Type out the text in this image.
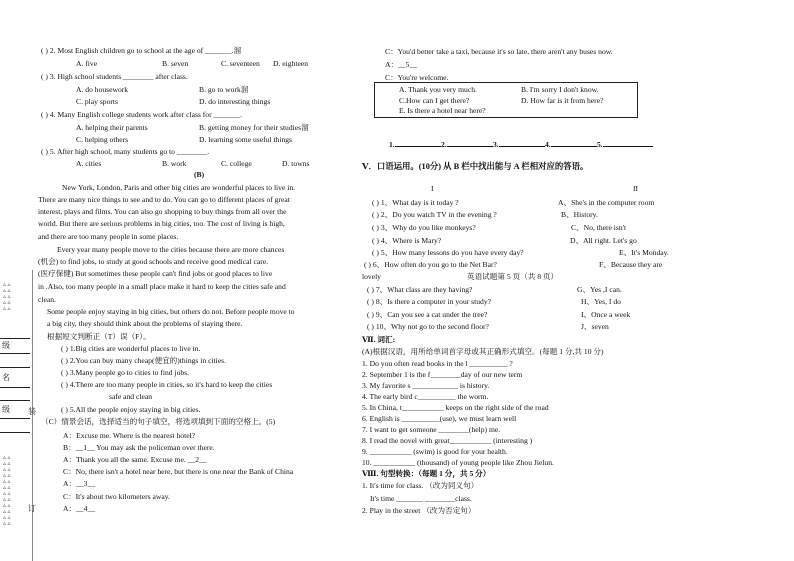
▵ ▵
▵ ▵
▵ ▵
▵ ▵
▵ ▵
级
名
级 装
▵ ▵
▵ ▵
▵ ▵
▵ ▵
▵ ▵
▵ ▵
▵ ▵
▵ ▵
▵ ▵
▵ ▵
▵ ▵
▵ ▵
订
( ) 2. Most English children go to school at the age of _______.溜
A. five	B. seven	C. seventeen D. eighteen
( ) 3. High school students ________ after class.
A. do housework	B. go to work溜
C. play sports	D. do interesting things
( ) 4. Many English college students work after class for _______.
A. helping their parents	B. getting money for their studies溜
C. helping others	D. learning some useful things
( ) 5. After high school, many students go to ________.
A. cities	B. work	C. college	D. towns
(B)
New York, London, Paris and other big cities are wonderful places to live in.
There are many nice things to see and to do. You can go to different places of great
interest, plays and films. You can also go shopping to buy things from all over the
world. But there are serious problems in big cities, too. The cost of living is high,
and there are too many people in some places.
Every year many people move to the cities because there are more chances
(机会) to find jobs, to study at good schools and receive good medical care.
(医疗保健) But sometimes these people can't find jobs or good places to live
in .Also, too many people in a small place make it hard to keep the cities safe and
clean.
Some people enjoy staying in big cities, but others do not. Before people move to
a big city, they should think about the problems of staying there.
根据短文判断正（T）误（F）。
( ) 1.Big cities are wonderful places to live in.
( ) 2.You can buy many cheap(便宜的)things in cities.
( ) 3.Many people go to cities to find jobs.
( ) 4.There are too many people in cities, so it's hard to keep the cities
safe and clean
( ) 5.All the people enjoy staying in big cities.
（C）情景会话，选择适当的句子填空，将选项填到下面的空格上。(5)
A：Excuse me. Where is the nearest hotel?
B：__1__ You may ask the policeman over there.
A：Thank you all the same. Excuse me. __2__
C：No, there isn't a hotel near here, but there is one near the Bank of China
A：__3__
C：It's about two kilometers away.
A：__4__
C：You'd better take a taxi, because it's so late, there aren't any buses now.
A：__5__
C：You're welcome.
A. Thank you very much.	B. I'm sorry I don't know.
C.How can I get there?	D. How far is it from here?
E. Is there a hotel near here?
1.	2.	3.	4.	5.
Ⅴ．口语运用。(10分) 从 B 栏中找出能与 A 栏相对应的答语。
I	II
( ) 1、What day is it today ?	A、She's in the computer room
( ) 2、Do you watch TV in the evening ?	B、History.
( ) 3、Why do you like monkeys?	C、No, there isn't
( ) 4、Where is Mary?	D、All right. Let's go
( ) 5、How many lessons do you have every day?	E、It's Monday.
( ) 6、How often do you go to the Net Bar?	F、Because they are
lovely	英语试题第 5 页（共 8 页）
( ) 7、What class are they having?	G、Yes ,I can.
( ) 8、Is there a computer in your study?	H、Yes, I do
( ) 9、Can you see a cat under the tree?	I、Once a week
( ) 10、Why not go to the second floor?	J、seven
Ⅶ. 词汇:
(A)根据汉语，用所给单词首字母或其正确形式填空。(每题 1 分,共 10 分)
1. Do you often read books in the l __________ ?
2. September 1 is the f________day of our new term
3. My favorite s ____________ is history.
4. The early bird c__________ the worm.
5. In China, t___________ keeps on the right side of the road
6. English is __________(use), we must learn well
7. I want to get someone ________(help) me.
8. I read the novel with great___________ (interesting )
9. ___________ (swim) is good for your health.
10. ___________ (thousand) of young people like Zhou Jielun.
Ⅷ. 句型转换：（每题 1 分，共 5 分）
1. It's time for class. （改为同义句）
It's time _______ ________class.
2. Play in the street （改为否定句）
